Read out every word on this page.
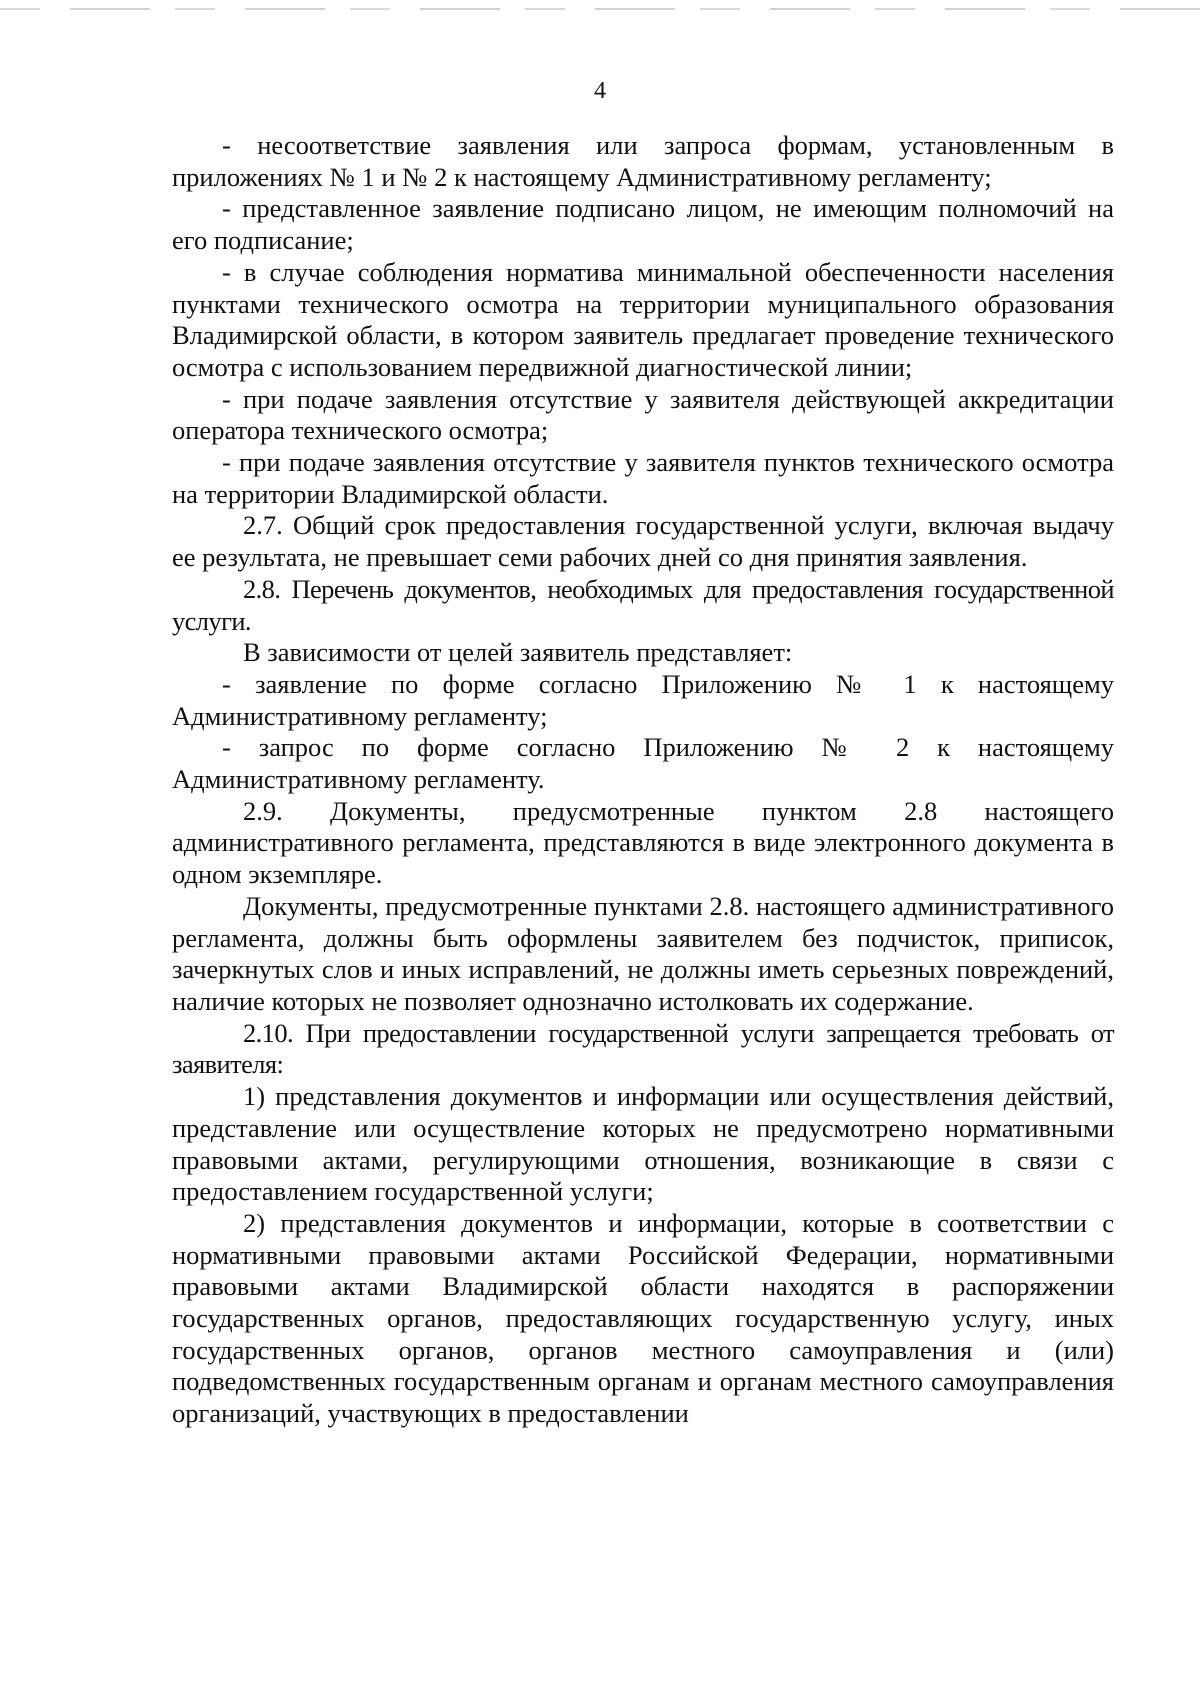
4

- несоответствие заявления или запроса формам, установленным в приложениях № 1 и № 2 к настоящему Административному регламенту;

- представленное заявление подписано лицом, не имеющим полномочий на его подписание;

- в случае соблюдения норматива минимальной обеспеченности населения пунктами технического осмотра на территории муниципального образования Владимирской области, в котором заявитель предлагает проведение технического осмотра с использованием передвижной диагностической линии;

- при подаче заявления отсутствие у заявителя действующей аккредитации оператора технического осмотра;

- при подаче заявления отсутствие у заявителя пунктов технического осмотра на территории Владимирской области.

2.7. Общий срок предоставления государственной услуги, включая выдачу ее результата, не превышает семи рабочих дней со дня принятия заявления.

2.8. Перечень документов, необходимых для предоставления государственной услуги.

В зависимости от целей заявитель представляет:

- заявление по форме согласно Приложению № 1 к настоящему Административному регламенту;

- запрос по форме согласно Приложению № 2 к настоящему Административному регламенту.

2.9. Документы, предусмотренные пунктом 2.8 настоящего административного регламента, представляются в виде электронного документа в одном экземпляре.

Документы, предусмотренные пунктами 2.8. настоящего административного регламента, должны быть оформлены заявителем без подчисток, приписок, зачеркнутых слов и иных исправлений, не должны иметь серьезных повреждений, наличие которых не позволяет однозначно истолковать их содержание.

2.10. При предоставлении государственной услуги запрещается требовать от заявителя:

1) представления документов и информации или осуществления действий, представление или осуществление которых не предусмотрено нормативными правовыми актами, регулирующими отношения, возникающие в связи с предоставлением государственной услуги;

2) представления документов и информации, которые в соответствии с нормативными правовыми актами Российской Федерации, нормативными правовыми актами Владимирской области находятся в распоряжении государственных органов, предоставляющих государственную услугу, иных государственных органов, органов местного самоуправления и (или) подведомственных государственным органам и органам местного самоуправления организаций, участвующих в предоставлении
